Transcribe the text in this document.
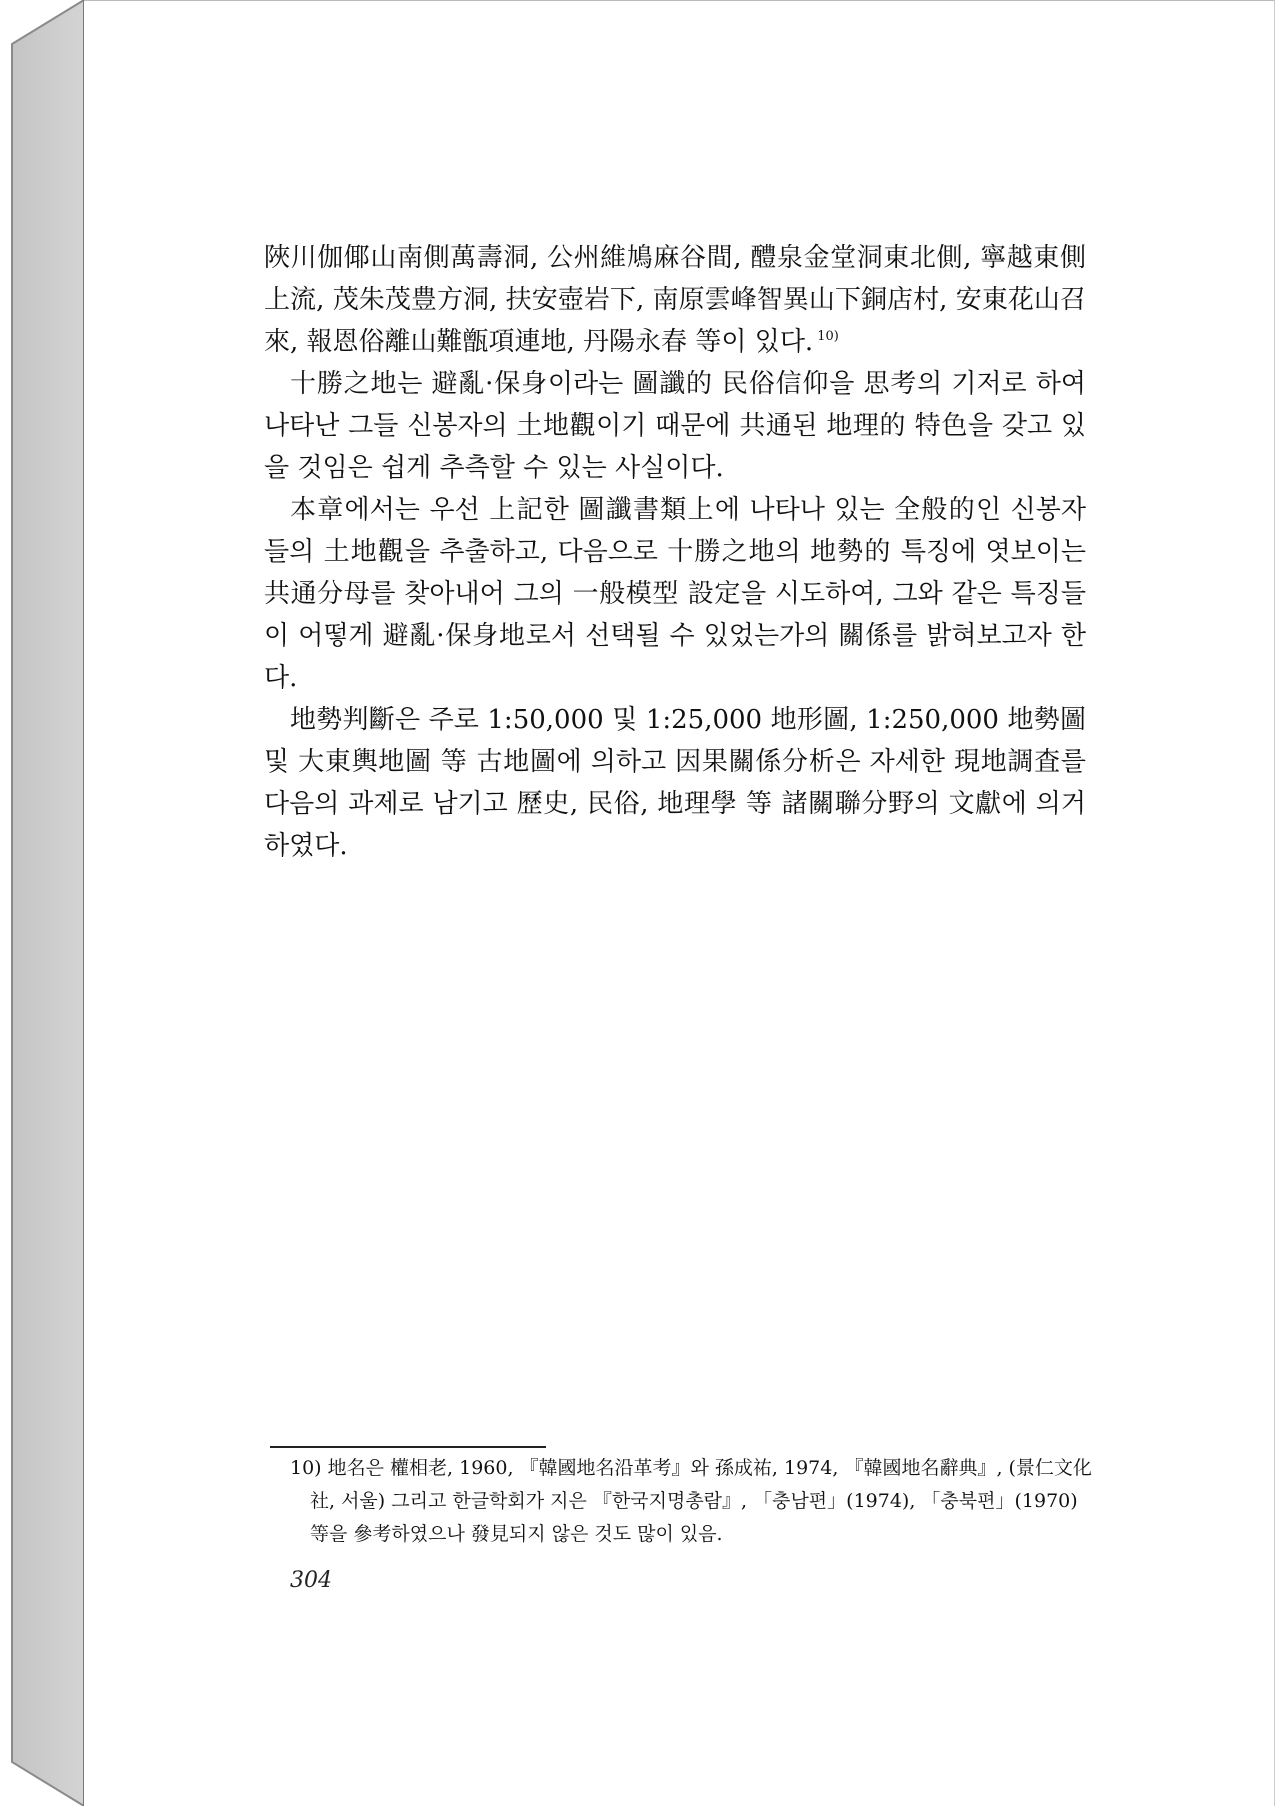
陜川伽倻山南側萬壽洞, 公州維鳩麻谷間, 醴泉金堂洞東北側, 寧越東側上流, 茂朱茂豊方洞, 扶安壺岩下, 南原雲峰智異山下銅店村, 安東花山召來, 報恩俗離山難甑項連地, 丹陽永春 等이 있다. $^{10)}$

十勝之地는 避亂·保身이라는 圖讖的 民俗信仰을 思考의 기저로 하여 나타난 그들 신봉자의 土地觀이기 때문에 共通된 地理的 特色을 갖고 있을 것임은 쉽게 추측할 수 있는 사실이다.

本章에서는 우선 上記한 圖讖書類上에 나타나 있는 全般的인 신봉자들의 土地觀을 추출하고, 다음으로 十勝之地의 地勢的 특징에 엿보이는 共通分母를 찾아내어 그의 一般模型 設定을 시도하여, 그와 같은 특징들이 어떻게 避亂·保身地로서 선택될 수 있었는가의 關係를 밝혀보고자 한다.

地勢判斷은 주로 1:50,000 및 1:25,000 地形圖, 1:250,000 地勢圖 및 大東輿地圖 等 古地圖에 의하고 因果關係分析은 자세한 現地調査를 다음의 과제로 남기고 歷史, 民俗, 地理學 等 諸關聯分野의 文獻에 의거하였다.

10) 地名은 權相老, 1960, 『韓國地名沿革考』와 孫成祐, 1974, 『韓國地名辭典』, (景仁文化社, 서울) 그리고 한글학회가 지은 『한국지명총람』, 「충남편」(1974), 「충북편」(1970) 等을 參考하였으나 發見되지 않은 것도 많이 있음.
304
